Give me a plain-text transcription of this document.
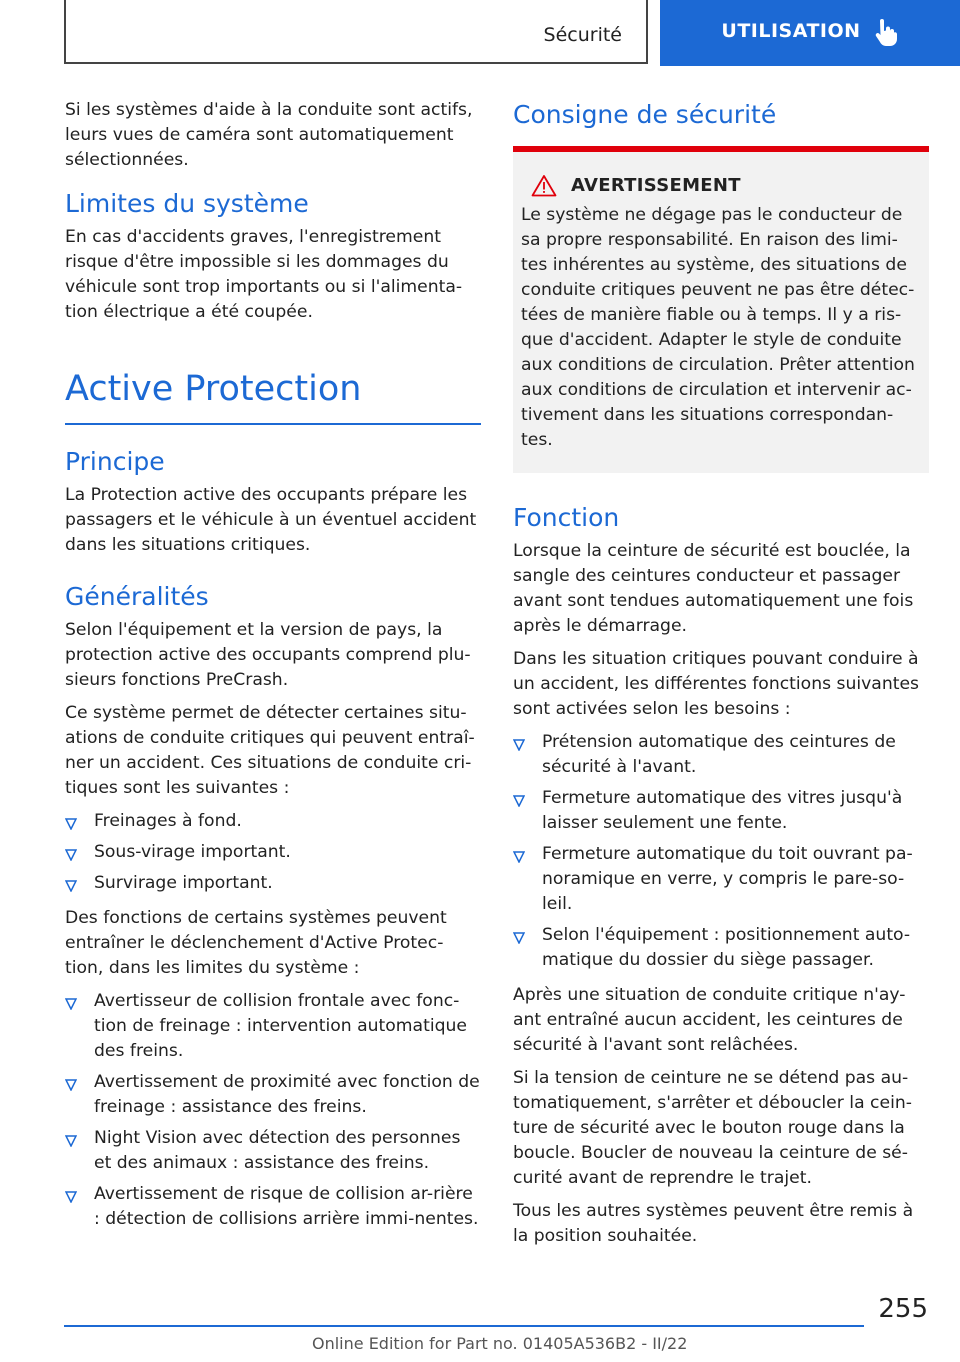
Sécurité	UTILISATION

Si les systèmes d'aide à la conduite sont actifs, leurs vues de caméra sont automatiquement sélectionnées.

Limites du système

En cas d'accidents graves, l'enregistrement risque d'être impossible si les dommages du véhicule sont trop importants ou si l'alimenta-tion électrique a été coupée.

Active Protection
Principe

La Protection active des occupants prépare les passagers et le véhicule à un éventuel accident dans les situations critiques.

Généralités

Selon l'équipement et la version de pays, la protection active des occupants comprend plu-sieurs fonctions PreCrash.

Ce système permet de détecter certaines situ-ations de conduite critiques qui peuvent entraî-ner un accident. Ces situations de conduite cri-tiques sont les suivantes :

Freinages à fond.
Sous-virage important.
Survirage important.

Des fonctions de certains systèmes peuvent entraîner le déclenchement d'Active Protec-tion, dans les limites du système :

Avertisseur de collision frontale avec fonc-tion de freinage : intervention automatique des freins.
Avertissement de proximité avec fonction de freinage : assistance des freins.
Night Vision avec détection des personnes et des animaux : assistance des freins.
Avertissement de risque de collision ar-rière : détection de collisions arrière immi-nentes.
Consigne de sécurité
AVERTISSEMENT

Le système ne dégage pas le conducteur de sa propre responsabilité. En raison des limi-tes inhérentes au système, des situations de conduite critiques peuvent ne pas être détec-tées de manière fiable ou à temps. Il y a ris-que d'accident. Adapter le style de conduite aux conditions de circulation. Prêter attention aux conditions de circulation et intervenir ac-tivement dans les situations correspondan-tes.

Fonction

Lorsque la ceinture de sécurité est bouclée, la sangle des ceintures conducteur et passager avant sont tendues automatiquement une fois après le démarrage.

Dans les situation critiques pouvant conduire à un accident, les différentes fonctions suivantes sont activées selon les besoins :

Prétension automatique des ceintures de sécurité à l'avant.
Fermeture automatique des vitres jusqu'à laisser seulement une fente.
Fermeture automatique du toit ouvrant pa-noramique en verre, y compris le pare-so-leil.
Selon l'équipement : positionnement auto-matique du dossier du siège passager.

Après une situation de conduite critique n'ay-ant entraîné aucun accident, les ceintures de sécurité à l'avant sont relâchées.

Si la tension de ceinture ne se détend pas au-tomatiquement, s'arrêter et déboucler la cein-ture de sécurité avec le bouton rouge dans la boucle. Boucler de nouveau la ceinture de sé-curité avant de reprendre le trajet.

Tous les autres systèmes peuvent être remis à la position souhaitée.

255
Online Edition for Part no. 01405A536B2 - II/22
